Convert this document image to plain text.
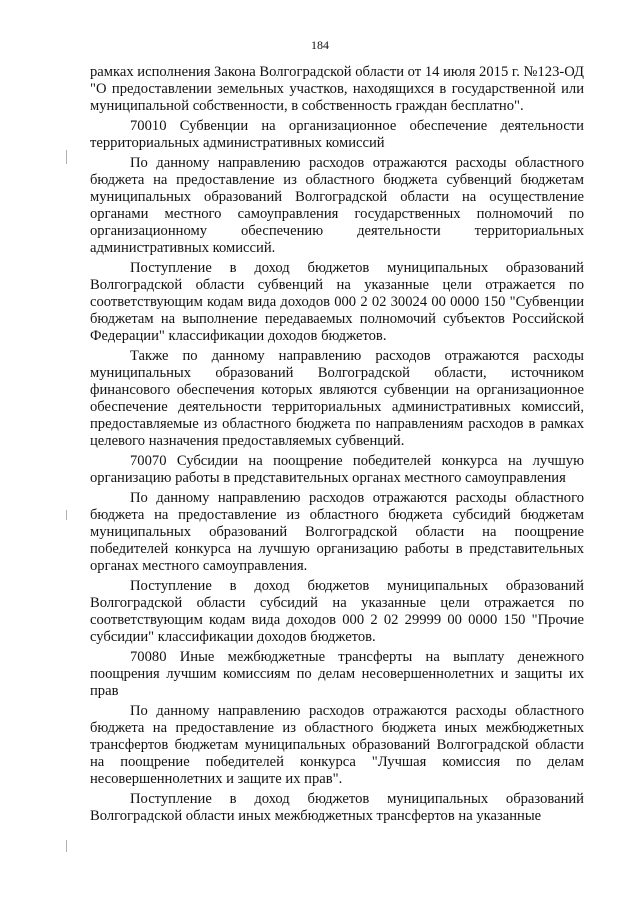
184

рамках исполнения Закона Волгоградской области от 14 июля 2015 г. №123-ОД "О предоставлении земельных участков, находящихся в государственной или муниципальной собственности, в собственность граждан бесплатно".

70010 Субвенции на организационное обеспечение деятельности территориальных административных комиссий

По данному направлению расходов отражаются расходы областного бюджета на предоставление из областного бюджета субвенций бюджетам муниципальных образований Волгоградской области на осуществление органами местного самоуправления государственных полномочий по организационному обеспечению деятельности территориальных административных комиссий.

Поступление в доход бюджетов муниципальных образований Волгоградской области субвенций на указанные цели отражается по соответствующим кодам вида доходов 000 2 02 30024 00 0000 150 "Субвенции бюджетам на выполнение передаваемых полномочий субъектов Российской Федерации" классификации доходов бюджетов.

Также по данному направлению расходов отражаются расходы муниципальных образований Волгоградской области, источником финансового обеспечения которых являются субвенции на организационное обеспечение деятельности территориальных административных комиссий, предоставляемые из областного бюджета по направлениям расходов в рамках целевого назначения предоставляемых субвенций.

70070 Субсидии на поощрение победителей конкурса на лучшую организацию работы в представительных органах местного самоуправления

По данному направлению расходов отражаются расходы областного бюджета на предоставление из областного бюджета субсидий бюджетам муниципальных образований Волгоградской области на поощрение победителей конкурса на лучшую организацию работы в представительных органах местного самоуправления.

Поступление в доход бюджетов муниципальных образований Волгоградской области субсидий на указанные цели отражается по соответствующим кодам вида доходов 000 2 02 29999 00 0000 150 "Прочие субсидии" классификации доходов бюджетов.

70080 Иные межбюджетные трансферты на выплату денежного поощрения лучшим комиссиям по делам несовершеннолетних и защиты их прав

По данному направлению расходов отражаются расходы областного бюджета на предоставление из областного бюджета иных межбюджетных трансфертов бюджетам муниципальных образований Волгоградской области на поощрение победителей конкурса "Лучшая комиссия по делам несовершеннолетних и защите их прав".

Поступление в доход бюджетов муниципальных образований Волгоградской области иных межбюджетных трансфертов на указанные
